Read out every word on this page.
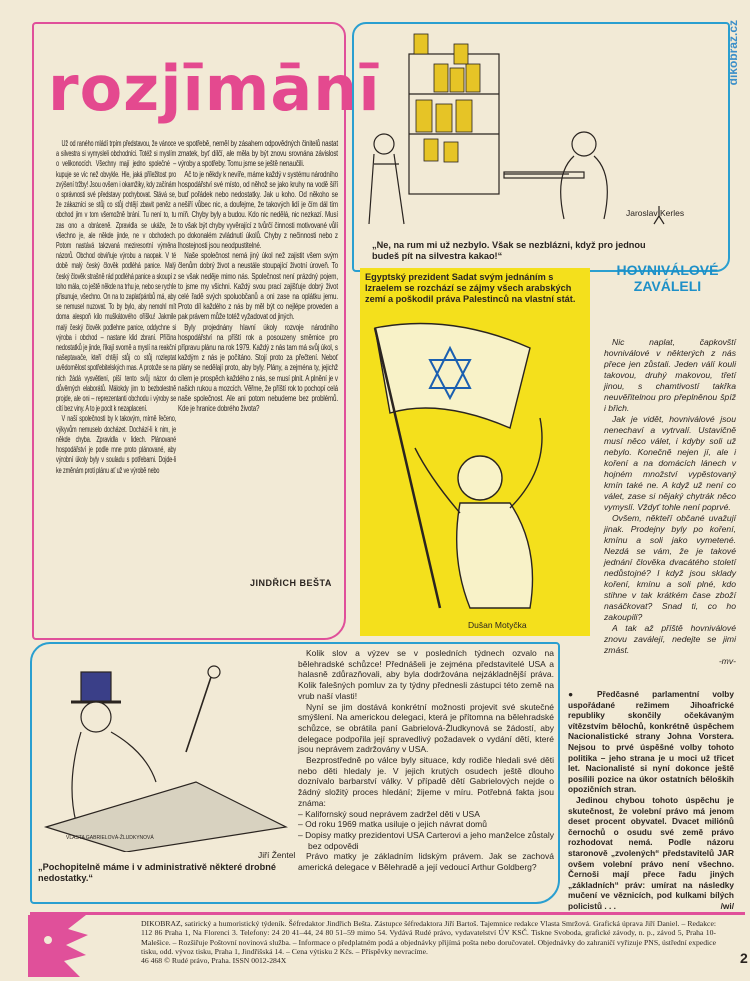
dikobraz.cz
rozjīmānī

Už od raného mládí trpím představou, že vánoce a silvestra si vymysleli obchodníci. Totéž si myslím o velikonocích. Všechny mají jedno společné – kupuje se víc než obvykle. Hle, jaká příležitost pro zvýšení tržby! Jsou ovšem i okamžiky, kdy začínám o správnosti své představy pochybovat. Stává se, že zákazníci se stůj co stůj chtějí zbavit peněz a obchod jim v tom všemožně brání. Tu není to, tu zas ono a obráceně. Zpravidla se ukáže, že všechno je, ale někde jinde, ne v obchodech. Potom nastává takzvaná meziresortní výměna názorů. Obchod obviňuje výrobu a naopak. V té době malý český člověk podléhá panice. Malý český člověk strašně rád podléhá panice a skoupí z toho mála, co ještě někde na trhu je, nebo se rychle přisunuje, všechno. On na to zaplaťpánbů má, aby se nemusel nuzovat. To by bylo, aby nemohl mít doma alespoň kilo muškátového oříšku! Jakmile malý český člověk podlehne panice, oddychne si výroba i obchod – nastane klid zbraní. Příčina nedostatků je jinde, říkají svorně a myslí na reakční našeptavače, kteří chtějí stůj co stůj rozleptat uvědomělost spotřebitelských mas. A protože se na nich žádá vysvětlení, píší tento svůj názor do důvěrných elaborátů. Málokdy jim to bezbolestně projde, ale oni – reprezentanti obchodu i výroby se cítí bez viny. A to je pocit k nezaplacení.

V naší společnosti by k takovým, mírně řečeno, výkyvům nemuselo docházet. Dochází-li k nim, je někde chyba. Zpravidla v lidech. Plánované hospodářství je podle mne proto plánované, aby výrobní úkoly byly v souladu s potřebami. Dojde-li ke změnám proti plánu ať už ve výrobě nebo

ve spotřebě, neměl by zásahem odpovědných činitelů nastat zmatek, byť dílčí, ale měla by být znovu srovnána závislost výroby a spotřeby. Tomu jsme se ještě nenaučili.

Ač to je někdy k nevíře, máme každý v systému národního hospodářství své místo, od něhož se jako kruhy na vodě šíří buď pořádek nebo nedostatky. Jak u koho. Od někoho se nešíří vůbec nic, a doufejme, že takových lidí je čím dál tím míň. Chyby byly a budou. Kdo nic nedělá, nic nezkazí. Musí to však být chyby vyvěrající z tvůrčí činnosti motivované vůlí po dokonalém zvládnutí úkolů. Chyby z nečinnosti nebo z lhostejnosti jsou neodpustitelné.

Naše společnost nemá jiný úkol než zajistit všem svým členům dobrý život a neustále stoupající životní úroveň. To se však neděje mimo nás. Společnost není prázdný pojem, to jsme my všichni. Každý svou prací zajišťuje dobrý život celé řadě svých spoluobčanů a oni zase na oplátku jemu. Proto díl každého z nás by měl být co nejlépe proveden a pak právem může totéž vyžadovat od jiných.

Byly projednány hlavní úkoly rozvoje národního hospodářství na příští rok a posouzeny směrnice pro přípravu plánu na rok 1979. Každý z nás tam má svůj úkol, s každým z nás je počítáno. Stojí proto za přečtení. Neboť plány se nedělají proto, aby byly. Plány, a zejména ty, jejichž cílem je prospěch každého z nás, se musí plnit. A plnění je v našich rukou a mozcích. Věřme, že příští rok to pochopí celá naše společnost. Ale ani potom nebudeme bez problémů. Kde je hranice dobrého života?

JINDŘICH BEŠTA
Jaroslav Kerles
„Ne, na rum mi už nezbylo. Však se nezblázni, když pro jednou budeš pít na silvestra kakao!“
Egyptský prezident Sadat svým jednáním s Izraelem se rozchází se zájmy všech arabských zemí a poškodil práva Palestinců na vlastní stát.
Dušan Motyčka
HOVNIVÁLOVÉ ZAVÁLELI

Nic naplat, čapkovští hovniválové v některých z nás přece jen zůstali. Jeden válí kouli takovou, druhý makovou, třetí jinou, s chamtivostí takřka neuvěřitelnou pro přeplněnou špíž i břich.

Jak je vidět, hovniválové jsou nenechaví a vytrvalí. Ustavičně musí něco válet, i kdyby soli už nebylo. Konečně nejen jí, ale i koření a na domácích lánech v hojném množství vypěstovaný kmín také ne. A když už není co válet, zase si nějaký chytrák něco vymyslí. Vždyť tohle není poprvé.

Ovšem, někteří občané uvažují jinak. Prodejny byly po koření, kmínu a soli jako vymetené. Nezdá se vám, že je takové jednání člověka dvacátého století nedůstojné? I když jsou sklady koření, kmínu a soli plné, kdo stihne v tak krátkém čase zboží nasáčkovat? Snad ti, co ho zakoupili?

A tak až příště hovniválové znovu zaválejí, nedejte se jimi zmást.

-mv-
VLASTA GABRIELOVÁ-ŽLUDKYNOVÁ
Jiří Žentel
„Pochopitelně máme i v administrativě některé drobné nedostatky.“

Kolik slov a výzev se v posledních týdnech ozvalo na bělehradské schůzce! Přednášeli je zejména představitelé USA a halasně zdůrazňovali, aby byla dodržována nejzákladnější práva. Kolik falešných pomluv za ty týdny přednesli zástupci této země na vrub naší vlasti!

Nyní se jim dostává konkrétní možnosti projevit své skutečné smýšlení. Na americkou delegaci, která je přítomna na bělehradské schůzce, se obrátila paní Gabrielová-Žludkynová se žádostí, aby delegace podpořila její spravedlivý požadavek o vydání dětí, které jsou neprávem zadržovány v USA.

Bezprostředně po válce byly situace, kdy rodiče hledali své děti nebo děti hledaly je. V jejich krutých osudech ještě dlouho doznívalo barbarství války. V případě dětí Gabrielových nejde o žádný složitý proces hledání; žijeme v míru. Potřebná fakta jsou známa:

– Kalifornský soud neprávem zadržel děti v USA
– Od roku 1969 matka usiluje o jejich návrat domů
– Dopisy matky prezidentovi USA Carterovi a jeho manželce zůstaly bez odpovědi

Právo matky je základním lidským právem. Jak se zachová americká delegace v Bělehradě a její vedoucí Arthur Goldberg?

● Předčasné parlamentní volby uspořádané režimem Jihoafrické republiky skončily očekávaným vítězstvím bělochů, konkrétně úspěchem Nacionalistické strany Johna Vorstera. Nejsou to prvé úspěšné volby tohoto politika – jeho strana je u moci už třicet let. Nacionalisté si nyní dokonce ještě posílili pozice na úkor ostatních běloških opozičních stran.

Jedinou chybou tohoto úspěchu je skutečnost, že volební právo má jenom deset procent obyvatel. Dvacet miliónů černochů o osudu své země právo rozhodovat nemá. Podle názoru staronově „zvolených“ představitelů JAR ovšem volební právo není všechno. Černoši mají přece řadu jiných „základních“ práv: umírat na následky mučení ve věznicích, pod kulkami bílých policistů . . .	/wi/
DIKOBRAZ, satirický a humoristický týdeník. Šéfredaktor Jindřich Bešta. Zástupce šéfredaktora Jiří Bartoš. Tajemnice redakce Vlasta Smržová. Grafická úprava Jiří Daniel. – Redakce: 112 86 Praha 1, Na Florenci 3. Telefony: 24 20 41–44, 24 80 51–59 mimo 54. Vydává Rudé právo, vydavatelství ÚV KSČ. Tiskne Svoboda, grafické závody, n. p., závod 5, Praha 10-Malešice. – Rozšiřuje Poštovní novinová služba. – Informace o předplatném podá a objednávky přijímá pošta nebo doručovatel. Objednávky do zahraničí vyřizuje PNS, ústřední expedice tisku, odd. vývoz tisku, Praha 1, Jindřišská 14. – Cena výtisku 2 Kčs. – Příspěvky nevracíme.
46 468 © Rudé právo, Praha. ISSN 0012-284X	2
